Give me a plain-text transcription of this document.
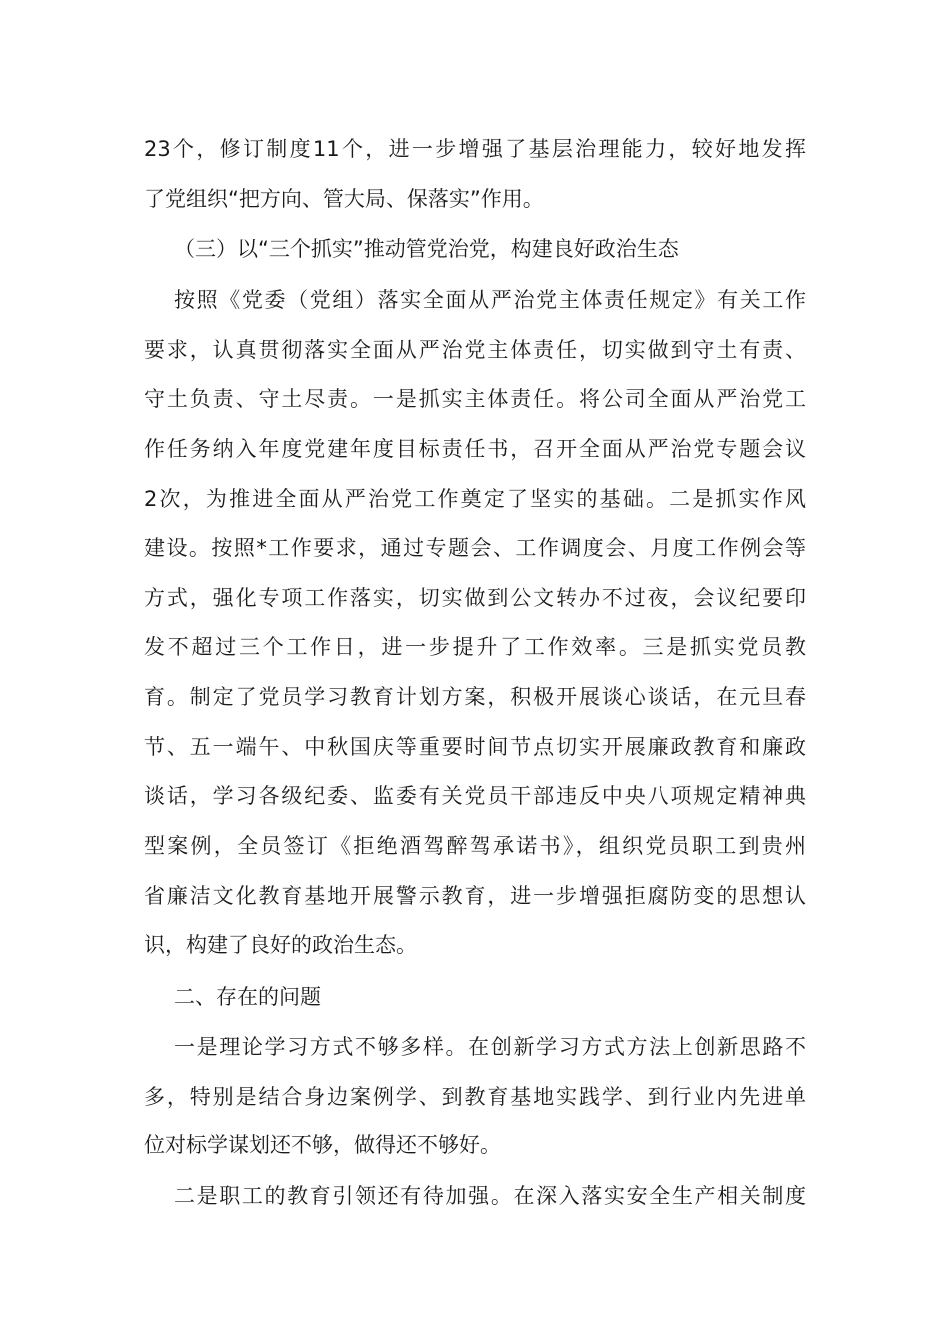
23个，修订制度11个，进一步增强了基层治理能力，较好地发挥
了党组织“把方向、管大局、保落实”作用。
（三）以“三个抓实”推动管党治党，构建良好政治生态
按照《党委（党组）落实全面从严治党主体责任规定》有关工作
要求，认真贯彻落实全面从严治党主体责任，切实做到守土有责、
守土负责、守土尽责。一是抓实主体责任。将公司全面从严治党工
作任务纳入年度党建年度目标责任书，召开全面从严治党专题会议
2次，为推进全面从严治党工作奠定了坚实的基础。二是抓实作风
建设。按照*工作要求，通过专题会、工作调度会、月度工作例会等
方式，强化专项工作落实，切实做到公文转办不过夜，会议纪要印
发不超过三个工作日，进一步提升了工作效率。三是抓实党员教
育。制定了党员学习教育计划方案，积极开展谈心谈话，在元旦春
节、五一端午、中秋国庆等重要时间节点切实开展廉政教育和廉政
谈话，学习各级纪委、监委有关党员干部违反中央八项规定精神典
型案例，全员签订《拒绝酒驾醉驾承诺书》，组织党员职工到贵州
省廉洁文化教育基地开展警示教育，进一步增强拒腐防变的思想认
识，构建了良好的政治生态。
二、存在的问题
一是理论学习方式不够多样。在创新学习方式方法上创新思路不
多，特别是结合身边案例学、到教育基地实践学、到行业内先进单
位对标学谋划还不够，做得还不够好。
二是职工的教育引领还有待加强。在深入落实安全生产相关制度
